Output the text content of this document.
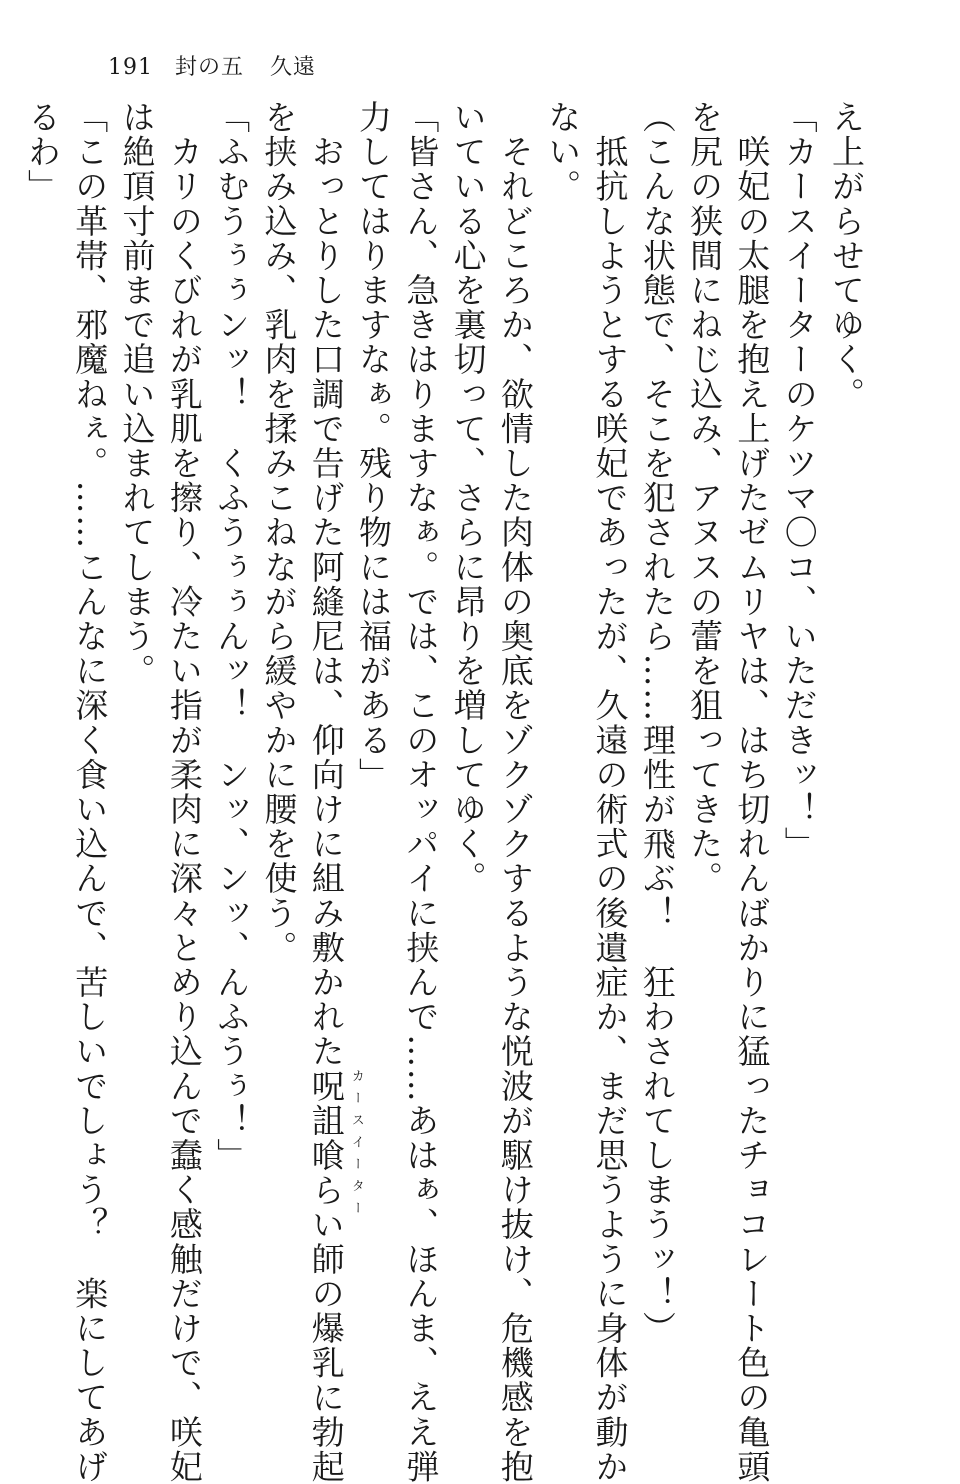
191 封の五 久遠
え上がらせてゆく。
「カースイーターのケツマ〇コ、いただきッ！」
　咲妃の太腿を抱え上げたゼムリヤは、はち切れんばかりに猛ったチョコレート色の亀頭
を尻の狭間にねじ込み、アヌスの蕾を狙ってきた。
（こんな状態で、そこを犯されたら……理性が飛ぶ！　狂わされてしまうッ！）
　抵抗しようとする咲妃であったが、久遠の術式の後遺症か、まだ思うように身体が動か
ない。
　それどころか、欲情した肉体の奥底をゾクゾクするような悦波が駆け抜け、危機感を抱
いている心を裏切って、さらに昂りを増してゆく。
「皆さん、急きはりますなぁ。では、このオッパイに挟んで……あはぁ、ほんま、ええ弾
力してはりますなぁ。残り物には福がある」
　おっとりした口調で告げた阿縫尼は、仰向けに組み敷かれた
カースイーター
呪詛喰らい師の爆乳に勃起
を挟み込み、乳肉を揉みこねながら緩やかに腰を使う。
「ふむうぅぅンッ！　くふうぅぅんッ！　ンッ、ンッ、んふうぅ！」
　カリのくびれが乳肌を擦り、冷たい指が柔肉に深々とめり込んで蠢く感触だけで、咲妃
は絶頂寸前まで追い込まれてしまう。
「この革帯、邪魔ねぇ。……こんなに深く食い込んで、苦しいでしょう？　楽にしてあげ
るわ」
